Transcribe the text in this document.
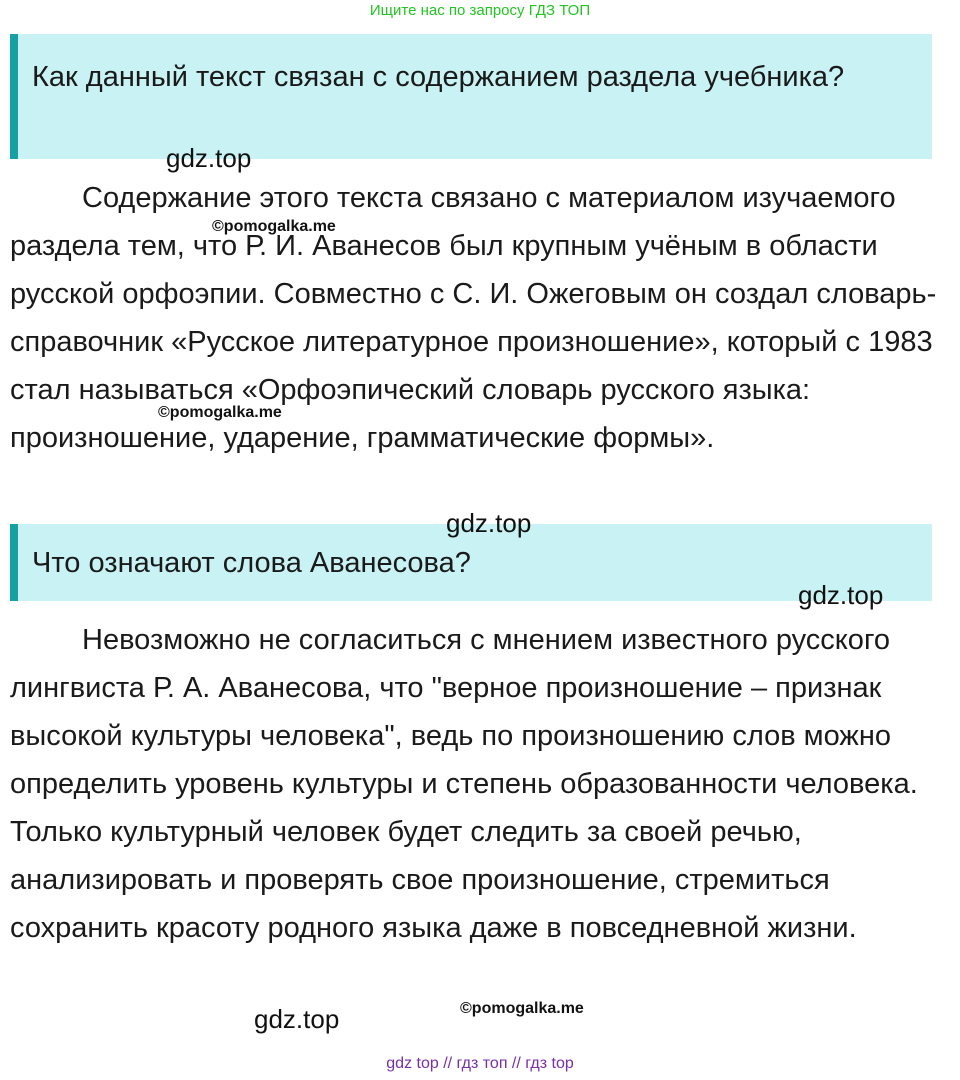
Ищите нас по запросу ГДЗ ТОП
Как данный текст связан с содержанием раздела учебника?

Содержание этого текста связано с материалом изучаемого раздела тем, что Р. И. Аванесов был крупным учёным в области русской орфоэпии. Совместно с С. И. Ожеговым он создал словарь-справочник «Русское литературное произношение», который с 1983 стал называться «Орфоэпический словарь русского языка: произношение, ударение, грамматические формы».

Что означают слова Аванесова?

Невозможно не согласиться с мнением известного русского лингвиста Р. А. Аванесова, что "верное произношение – признак высокой культуры человека", ведь по произношению слов можно определить уровень культуры и степень образованности человека. Только культурный человек будет следить за своей речью, анализировать и проверять свое произношение, стремиться сохранить красоту родного языка даже в повседневной жизни.

gdz.top
gdz.top
gdz.top
gdz.top
©pomogalka.me
©pomogalka.me
©pomogalka.me
gdz top // гдз топ // гдз top
